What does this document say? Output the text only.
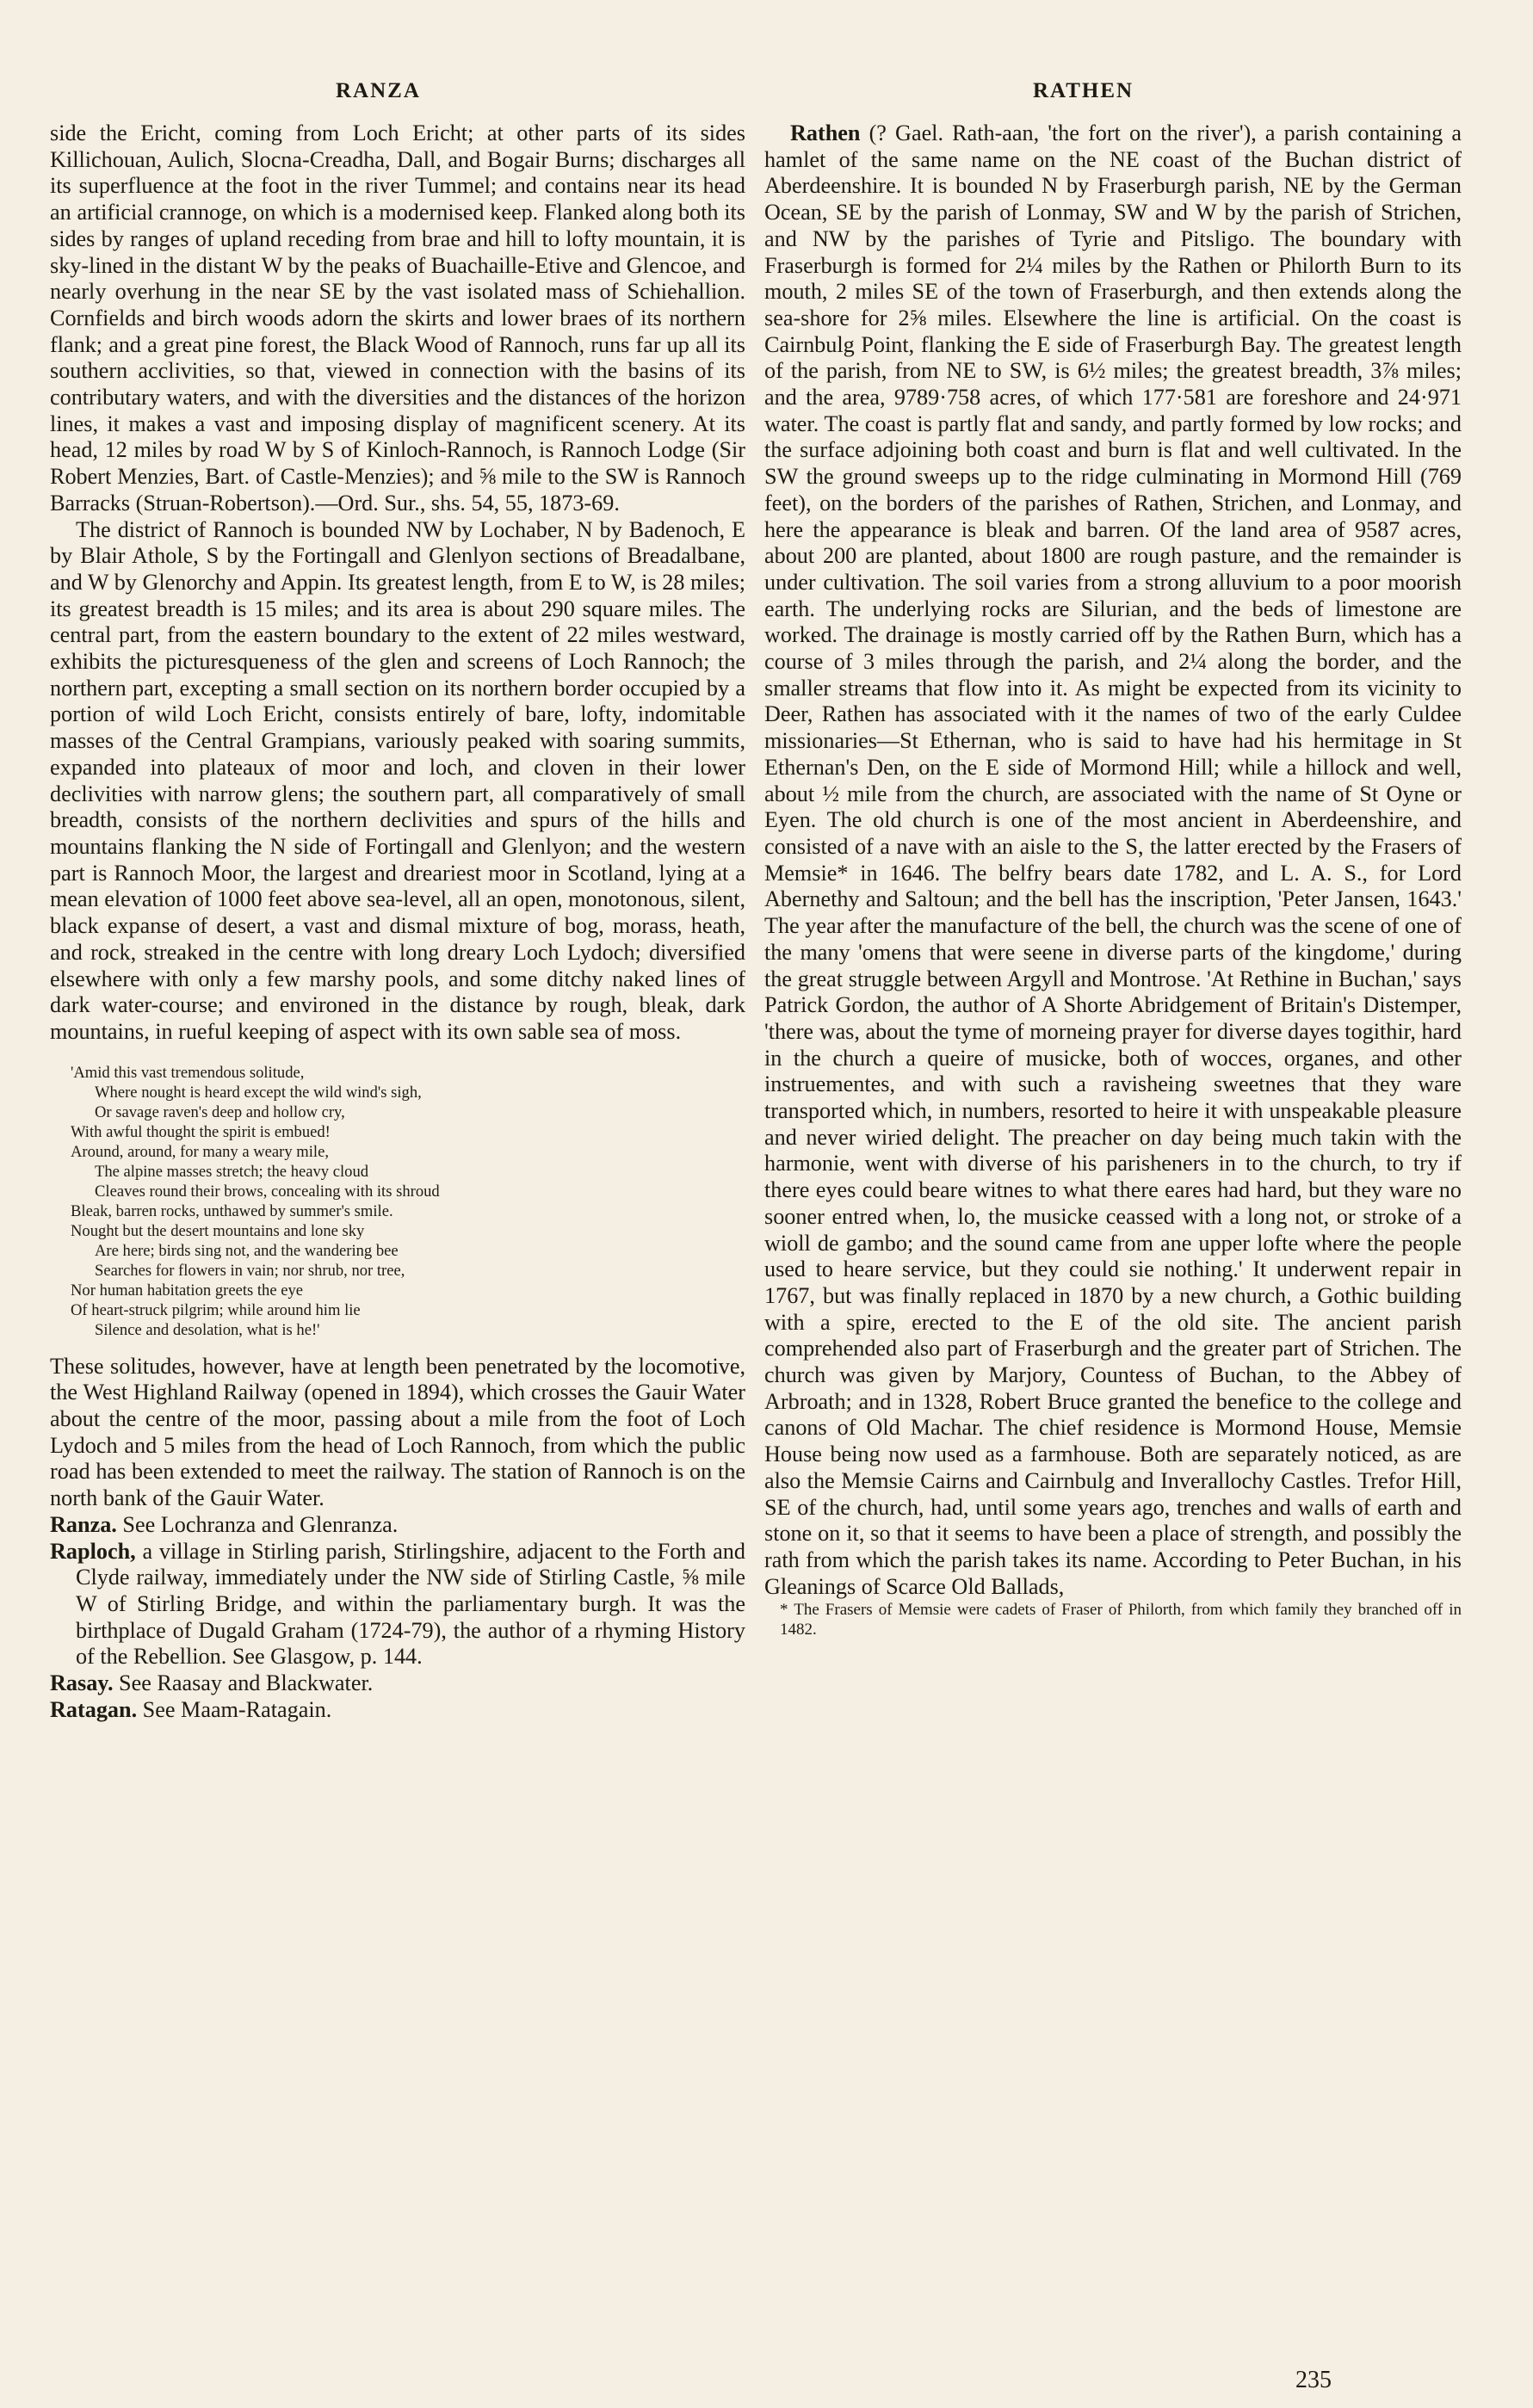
RANZA	RATHEN

side the Ericht, coming from Loch Ericht; at other parts of its sides Killichouan, Aulich, Slocna-Creadha, Dall, and Bogair Burns; discharges all its superfluence at the foot in the river Tummel; and contains near its head an artificial crannoge, on which is a modernised keep. Flanked along both its sides by ranges of upland receding from brae and hill to lofty mountain, it is sky-lined in the distant W by the peaks of Buachaille-Etive and Glencoe, and nearly overhung in the near SE by the vast isolated mass of Schiehallion. Cornfields and birch woods adorn the skirts and lower braes of its northern flank; and a great pine forest, the Black Wood of Rannoch, runs far up all its southern acclivities, so that, viewed in connection with the basins of its contributary waters, and with the diversities and the distances of the horizon lines, it makes a vast and imposing display of magnificent scenery. At its head, 12 miles by road W by S of Kinloch-Rannoch, is Rannoch Lodge (Sir Robert Menzies, Bart. of Castle-Menzies); and ⅝ mile to the SW is Rannoch Barracks (Struan-Robertson).—Ord. Sur., shs. 54, 55, 1873-69.

The district of Rannoch is bounded NW by Lochaber, N by Badenoch, E by Blair Athole, S by the Fortingall and Glenlyon sections of Breadalbane, and W by Glenorchy and Appin. Its greatest length, from E to W, is 28 miles; its greatest breadth is 15 miles; and its area is about 290 square miles. The central part, from the eastern boundary to the extent of 22 miles westward, exhibits the picturesqueness of the glen and screens of Loch Rannoch; the northern part, excepting a small section on its northern border occupied by a portion of wild Loch Ericht, consists entirely of bare, lofty, indomitable masses of the Central Grampians, variously peaked with soaring summits, expanded into plateaux of moor and loch, and cloven in their lower declivities with narrow glens; the southern part, all comparatively of small breadth, consists of the northern declivities and spurs of the hills and mountains flanking the N side of Fortingall and Glenlyon; and the western part is Rannoch Moor, the largest and dreariest moor in Scotland, lying at a mean elevation of 1000 feet above sea-level, all an open, monotonous, silent, black expanse of desert, a vast and dismal mixture of bog, morass, heath, and rock, streaked in the centre with long dreary Loch Lydoch; diversified elsewhere with only a few marshy pools, and some ditchy naked lines of dark water-course; and environed in the distance by rough, bleak, dark mountains, in rueful keeping of aspect with its own sable sea of moss.

'Amid this vast tremendous solitude,
Where nought is heard except the wild wind's sigh,
Or savage raven's deep and hollow cry,
With awful thought the spirit is embued!
Around, around, for many a weary mile,
The alpine masses stretch; the heavy cloud
Cleaves round their brows, concealing with its shroud
Bleak, barren rocks, unthawed by summer's smile.
Nought but the desert mountains and lone sky
Are here; birds sing not, and the wandering bee
Searches for flowers in vain; nor shrub, nor tree,
Nor human habitation greets the eye
Of heart-struck pilgrim; while around him lie
Silence and desolation, what is he!'

These solitudes, however, have at length been penetrated by the locomotive, the West Highland Railway (opened in 1894), which crosses the Gauir Water about the centre of the moor, passing about a mile from the foot of Loch Lydoch and 5 miles from the head of Loch Rannoch, from which the public road has been extended to meet the railway. The station of Rannoch is on the north bank of the Gauir Water.

Ranza. See Lochranza and Glenranza.

Raploch, a village in Stirling parish, Stirlingshire, adjacent to the Forth and Clyde railway, immediately under the NW side of Stirling Castle, ⅝ mile W of Stirling Bridge, and within the parliamentary burgh. It was the birthplace of Dugald Graham (1724-79), the author of a rhyming History of the Rebellion. See Glasgow, p. 144.

Rasay. See Raasay and Blackwater.

Ratagan. See Maam-Ratagain.

Rathen (? Gael. Rath-aan, 'the fort on the river'), a parish containing a hamlet of the same name on the NE coast of the Buchan district of Aberdeenshire. It is bounded N by Fraserburgh parish, NE by the German Ocean, SE by the parish of Lonmay, SW and W by the parish of Strichen, and NW by the parishes of Tyrie and Pitsligo. The boundary with Fraserburgh is formed for 2¼ miles by the Rathen or Philorth Burn to its mouth, 2 miles SE of the town of Fraserburgh, and then extends along the sea-shore for 2⅝ miles. Elsewhere the line is artificial. On the coast is Cairnbulg Point, flanking the E side of Fraserburgh Bay. The greatest length of the parish, from NE to SW, is 6½ miles; the greatest breadth, 3⅞ miles; and the area, 9789·758 acres, of which 177·581 are foreshore and 24·971 water. The coast is partly flat and sandy, and partly formed by low rocks; and the surface adjoining both coast and burn is flat and well cultivated. In the SW the ground sweeps up to the ridge culminating in Mormond Hill (769 feet), on the borders of the parishes of Rathen, Strichen, and Lonmay, and here the appearance is bleak and barren. Of the land area of 9587 acres, about 200 are planted, about 1800 are rough pasture, and the remainder is under cultivation. The soil varies from a strong alluvium to a poor moorish earth. The underlying rocks are Silurian, and the beds of limestone are worked. The drainage is mostly carried off by the Rathen Burn, which has a course of 3 miles through the parish, and 2¼ along the border, and the smaller streams that flow into it. As might be expected from its vicinity to Deer, Rathen has associated with it the names of two of the early Culdee missionaries—St Ethernan, who is said to have had his hermitage in St Ethernan's Den, on the E side of Mormond Hill; while a hillock and well, about ½ mile from the church, are associated with the name of St Oyne or Eyen. The old church is one of the most ancient in Aberdeenshire, and consisted of a nave with an aisle to the S, the latter erected by the Frasers of Memsie* in 1646. The belfry bears date 1782, and L. A. S., for Lord Abernethy and Saltoun; and the bell has the inscription, 'Peter Jansen, 1643.' The year after the manufacture of the bell, the church was the scene of one of the many 'omens that were seene in diverse parts of the kingdome,' during the great struggle between Argyll and Montrose. 'At Rethine in Buchan,' says Patrick Gordon, the author of A Shorte Abridgement of Britain's Distemper, 'there was, about the tyme of morneing prayer for diverse dayes togithir, hard in the church a queire of musicke, both of wocces, organes, and other instruementes, and with such a ravisheing sweetnes that they ware transported which, in numbers, resorted to heire it with unspeakable pleasure and never wiried delight. The preacher on day being much takin with the harmonie, went with diverse of his parisheners in to the church, to try if there eyes could beare witnes to what there eares had hard, but they ware no sooner entred when, lo, the musicke ceassed with a long not, or stroke of a wioll de gambo; and the sound came from ane upper lofte where the people used to heare service, but they could sie nothing.' It underwent repair in 1767, but was finally replaced in 1870 by a new church, a Gothic building with a spire, erected to the E of the old site. The ancient parish comprehended also part of Fraserburgh and the greater part of Strichen. The church was given by Marjory, Countess of Buchan, to the Abbey of Arbroath; and in 1328, Robert Bruce granted the benefice to the college and canons of Old Machar. The chief residence is Mormond House, Memsie House being now used as a farmhouse. Both are separately noticed, as are also the Memsie Cairns and Cairnbulg and Inverallochy Castles. Trefor Hill, SE of the church, had, until some years ago, trenches and walls of earth and stone on it, so that it seems to have been a place of strength, and possibly the rath from which the parish takes its name. According to Peter Buchan, in his Gleanings of Scarce Old Ballads,

* The Frasers of Memsie were cadets of Fraser of Philorth, from which family they branched off in 1482.

235
